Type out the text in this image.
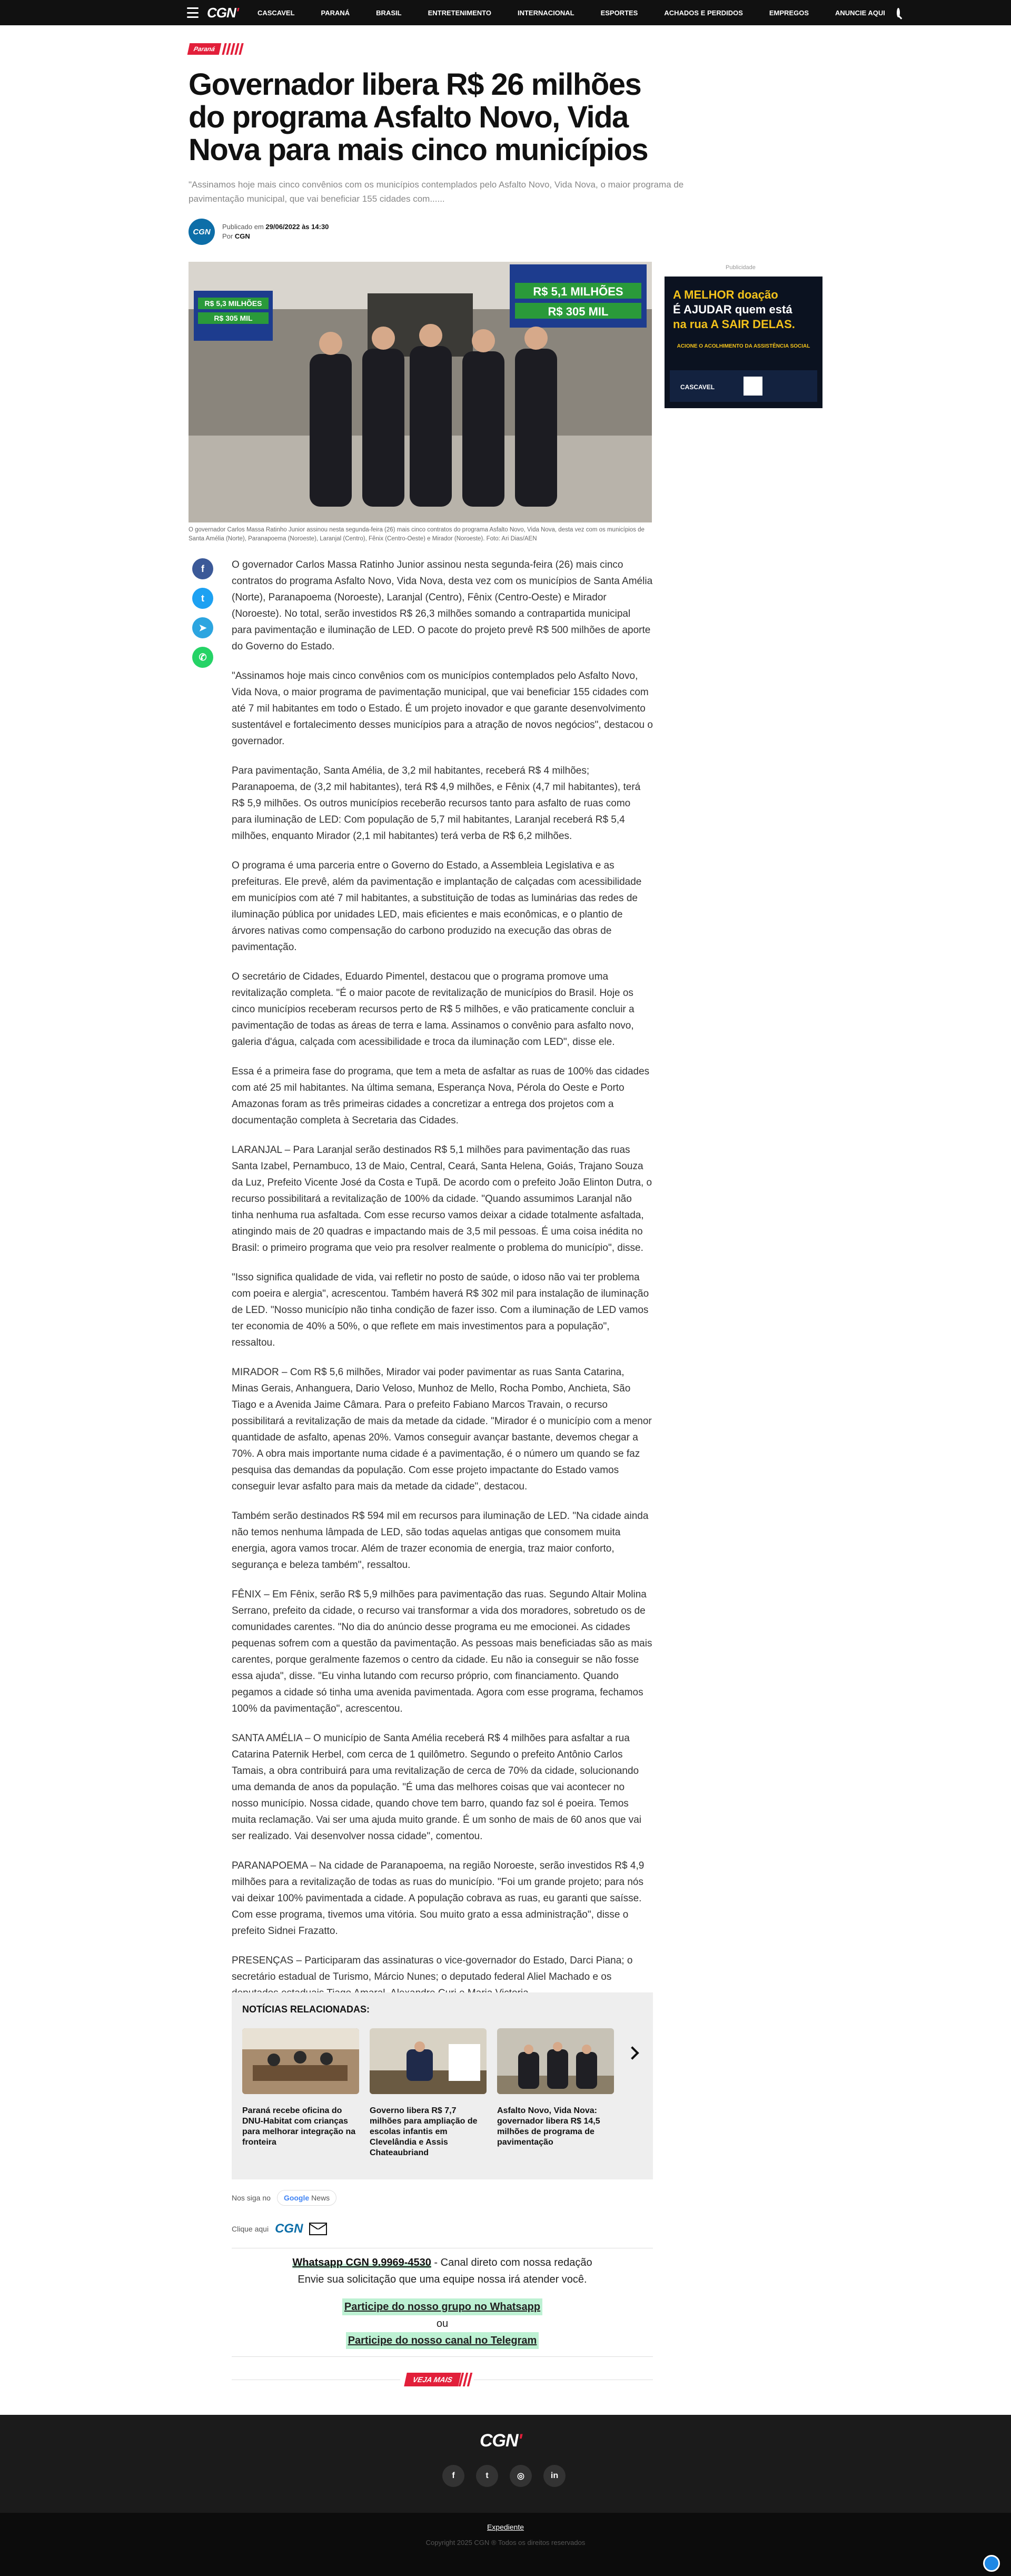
CGN'	CASCAVEL	PARANÁ	BRASIL	ENTRETENIMENTO	INTERNACIONAL	ESPORTES	ACHADOS E PERDIDOS	EMPREGOS	ANUNCIE AQUI
Paraná
Governador libera R$ 26 milhões do programa Asfalto Novo, Vida Nova para mais cinco municípios
"Assinamos hoje mais cinco convênios com os municípios contemplados pelo Asfalto Novo, Vida Nova, o maior programa de pavimentação municipal, que vai beneficiar 155 cidades com......
CGN
Publicado em 29/06/2022 às 14:30
Por CGN
R$ 5,3 MILHÕES
R$ 305 MIL
R$ 5,1 MILHÕES
R$ 305 MIL
O governador Carlos Massa Ratinho Junior assinou nesta segunda-feira (26) mais cinco contratos do programa Asfalto Novo, Vida Nova, desta vez com os municípios de Santa Amélia (Norte), Paranapoema (Noroeste), Laranjal (Centro), Fênix (Centro-Oeste) e Mirador (Noroeste). Foto: Ari Dias/AEN
f
t
➤
✆

O governador Carlos Massa Ratinho Junior assinou nesta segunda-feira (26) mais cinco contratos do programa Asfalto Novo, Vida Nova, desta vez com os municípios de Santa Amélia (Norte), Paranapoema (Noroeste), Laranjal (Centro), Fênix (Centro-Oeste) e Mirador (Noroeste). No total, serão investidos R$ 26,3 milhões somando a contrapartida municipal para pavimentação e iluminação de LED. O pacote do projeto prevê R$ 500 milhões de aporte do Governo do Estado.

"Assinamos hoje mais cinco convênios com os municípios contemplados pelo Asfalto Novo, Vida Nova, o maior programa de pavimentação municipal, que vai beneficiar 155 cidades com até 7 mil habitantes em todo o Estado. É um projeto inovador e que garante desenvolvimento sustentável e fortalecimento desses municípios para a atração de novos negócios", destacou o governador.

Para pavimentação, Santa Amélia, de 3,2 mil habitantes, receberá R$ 4 milhões; Paranapoema, de (3,2 mil habitantes), terá R$ 4,9 milhões, e Fênix (4,7 mil habitantes), terá R$ 5,9 milhões. Os outros municípios receberão recursos tanto para asfalto de ruas como para iluminação de LED: Com população de 5,7 mil habitantes, Laranjal receberá R$ 5,4 milhões, enquanto Mirador (2,1 mil habitantes) terá verba de R$ 6,2 milhões.

O programa é uma parceria entre o Governo do Estado, a Assembleia Legislativa e as prefeituras. Ele prevê, além da pavimentação e implantação de calçadas com acessibilidade em municípios com até 7 mil habitantes, a substituição de todas as luminárias das redes de iluminação pública por unidades LED, mais eficientes e mais econômicas, e o plantio de árvores nativas como compensação do carbono produzido na execução das obras de pavimentação.

O secretário de Cidades, Eduardo Pimentel, destacou que o programa promove uma revitalização completa. "É o maior pacote de revitalização de municípios do Brasil. Hoje os cinco municípios receberam recursos perto de R$ 5 milhões, e vão praticamente concluir a pavimentação de todas as áreas de terra e lama. Assinamos o convênio para asfalto novo, galeria d'água, calçada com acessibilidade e troca da iluminação com LED", disse ele.

Essa é a primeira fase do programa, que tem a meta de asfaltar as ruas de 100% das cidades com até 25 mil habitantes. Na última semana, Esperança Nova, Pérola do Oeste e Porto Amazonas foram as três primeiras cidades a concretizar a entrega dos projetos com a documentação completa à Secretaria das Cidades.

LARANJAL – Para Laranjal serão destinados R$ 5,1 milhões para pavimentação das ruas Santa Izabel, Pernambuco, 13 de Maio, Central, Ceará, Santa Helena, Goiás, Trajano Souza da Luz, Prefeito Vicente José da Costa e Tupã. De acordo com o prefeito João Elinton Dutra, o recurso possibilitará a revitalização de 100% da cidade. "Quando assumimos Laranjal não tinha nenhuma rua asfaltada. Com esse recurso vamos deixar a cidade totalmente asfaltada, atingindo mais de 20 quadras e impactando mais de 3,5 mil pessoas. É uma coisa inédita no Brasil: o primeiro programa que veio pra resolver realmente o problema do município", disse.

"Isso significa qualidade de vida, vai refletir no posto de saúde, o idoso não vai ter problema com poeira e alergia", acrescentou. Também haverá R$ 302 mil para instalação de iluminação de LED. "Nosso município não tinha condição de fazer isso. Com a iluminação de LED vamos ter economia de 40% a 50%, o que reflete em mais investimentos para a população", ressaltou.

MIRADOR – Com R$ 5,6 milhões, Mirador vai poder pavimentar as ruas Santa Catarina, Minas Gerais, Anhanguera, Dario Veloso, Munhoz de Mello, Rocha Pombo, Anchieta, São Tiago e a Avenida Jaime Câmara. Para o prefeito Fabiano Marcos Travain, o recurso possibilitará a revitalização de mais da metade da cidade. "Mirador é o município com a menor quantidade de asfalto, apenas 20%. Vamos conseguir avançar bastante, devemos chegar a 70%. A obra mais importante numa cidade é a pavimentação, é o número um quando se faz pesquisa das demandas da população. Com esse projeto impactante do Estado vamos conseguir levar asfalto para mais da metade da cidade", destacou.

Também serão destinados R$ 594 mil em recursos para iluminação de LED. "Na cidade ainda não temos nenhuma lâmpada de LED, são todas aquelas antigas que consomem muita energia, agora vamos trocar. Além de trazer economia de energia, traz maior conforto, segurança e beleza também", ressaltou.

FÊNIX – Em Fênix, serão R$ 5,9 milhões para pavimentação das ruas. Segundo Altair Molina Serrano, prefeito da cidade, o recurso vai transformar a vida dos moradores, sobretudo os de comunidades carentes. "No dia do anúncio desse programa eu me emocionei. As cidades pequenas sofrem com a questão da pavimentação. As pessoas mais beneficiadas são as mais carentes, porque geralmente fazemos o centro da cidade. Eu não ia conseguir se não fosse essa ajuda", disse. "Eu vinha lutando com recurso próprio, com financiamento. Quando pegamos a cidade só tinha uma avenida pavimentada. Agora com esse programa, fechamos 100% da pavimentação", acrescentou.

SANTA AMÉLIA – O município de Santa Amélia receberá R$ 4 milhões para asfaltar a rua Catarina Paternik Herbel, com cerca de 1 quilômetro. Segundo o prefeito Antônio Carlos Tamais, a obra contribuirá para uma revitalização de cerca de 70% da cidade, solucionando uma demanda de anos da população. "É uma das melhores coisas que vai acontecer no nosso município. Nossa cidade, quando chove tem barro, quando faz sol é poeira. Temos muita reclamação. Vai ser uma ajuda muito grande. É um sonho de mais de 60 anos que vai ser realizado. Vai desenvolver nossa cidade", comentou.

PARANAPOEMA – Na cidade de Paranapoema, na região Noroeste, serão investidos R$ 4,9 milhões para a revitalização de todas as ruas do município. "Foi um grande projeto; para nós vai deixar 100% pavimentada a cidade. A população cobrava as ruas, eu garanti que saísse. Com esse programa, tivemos uma vitória. Sou muito grato a essa administração", disse o prefeito Sidnei Frazatto.

PRESENÇAS – Participaram das assinaturas o vice-governador do Estado, Darci Piana; o secretário estadual de Turismo, Márcio Nunes; o deputado federal Aliel Machado e os

NOTÍCIAS RELACIONADAS:
Paraná recebe oficina do DNU-Habitat com crianças para melhorar integração na fronteira
Governo libera R$ 7,7 milhões para ampliação de escolas infantis em Clevelândia e Assis Chateaubriand
Asfalto Novo, Vida Nova: governador libera R$ 14,5 milhões de programa de pavimentação
Nos siga no Google News
Clique aqui CGN
Whatsapp CGN 9.9969-4530 - Canal direto com nossa redação
Envie sua solicitação que uma equipe nossa irá atender você.
Participe do nosso grupo no Whatsapp
ou
Participe do nosso canal no Telegram
VEJA MAIS
Publicidade
A MELHOR doação
É AJUDAR quem está
na rua A SAIR DELAS.
ACIONE O ACOLHIMENTO DA ASSISTÊNCIA SOCIAL
CASCAVEL
CGN'
f	t	◎	in
Expediente
Copyright 2025 CGN ® Todos os direitos reservados
